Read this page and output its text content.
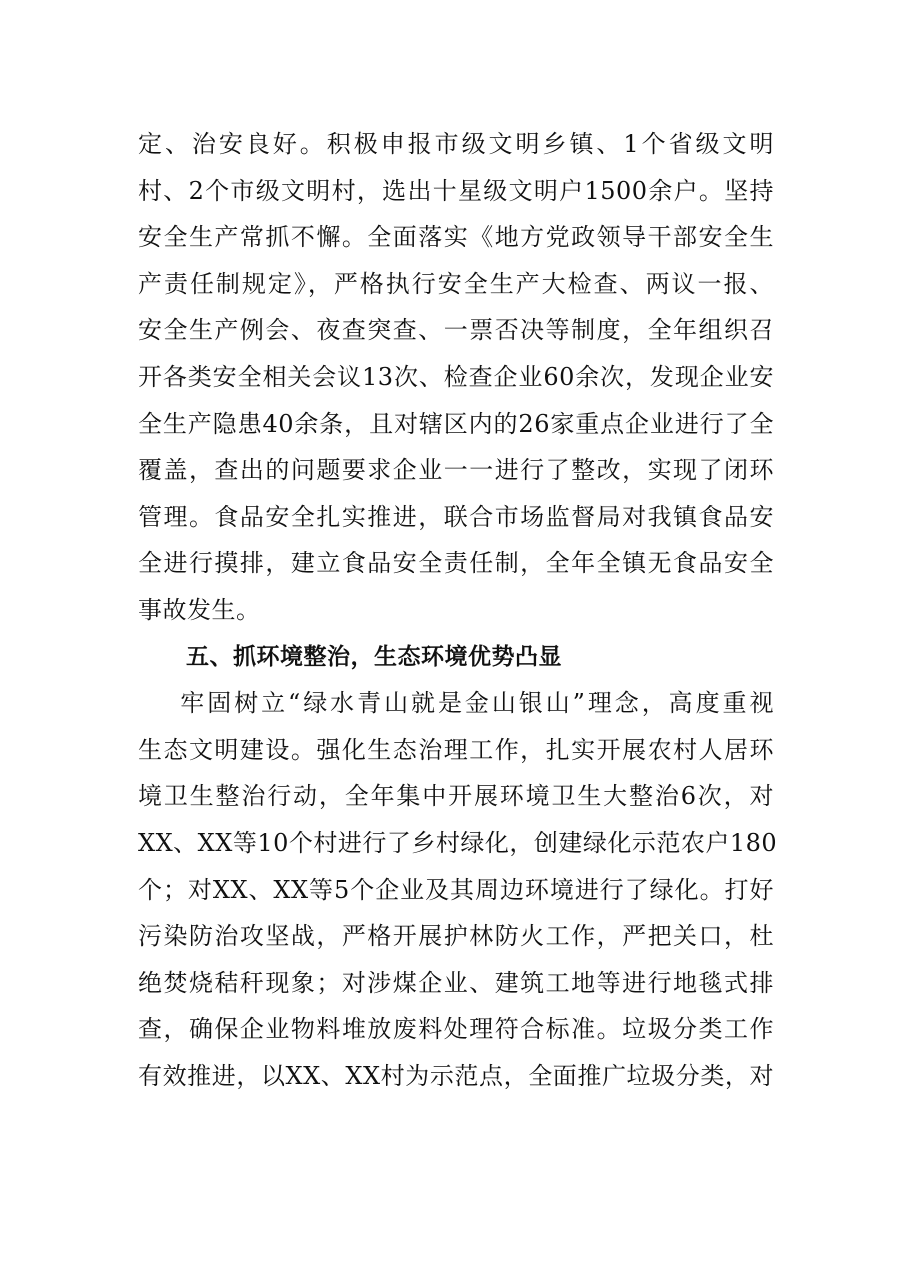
定、治安良好。积极申报市级文明乡镇、1个省级文明
村、2个市级文明村，选出十星级文明户1500余户。坚持
安全生产常抓不懈。全面落实《地方党政领导干部安全生
产责任制规定》，严格执行安全生产大检查、两议一报、
安全生产例会、夜查突查、一票否决等制度，全年组织召
开各类安全相关会议13次、检查企业60余次，发现企业安
全生产隐患40余条，且对辖区内的26家重点企业进行了全
覆盖，查出的问题要求企业一一进行了整改，实现了闭环
管理。食品安全扎实推进，联合市场监督局对我镇食品安
全进行摸排，建立食品安全责任制，全年全镇无食品安全
事故发生。
五、抓环境整治，生态环境优势凸显
牢固树立“绿水青山就是金山银山”理念，高度重视
生态文明建设。强化生态治理工作，扎实开展农村人居环
境卫生整治行动，全年集中开展环境卫生大整治6次，对
XX、XX等10个村进行了乡村绿化，创建绿化示范农户180
个；对XX、XX等5个企业及其周边环境进行了绿化。打好
污染防治攻坚战，严格开展护林防火工作，严把关口，杜
绝焚烧秸秆现象；对涉煤企业、建筑工地等进行地毯式排
查，确保企业物料堆放废料处理符合标准。垃圾分类工作
有效推进，以XX、XX村为示范点，全面推广垃圾分类，对
